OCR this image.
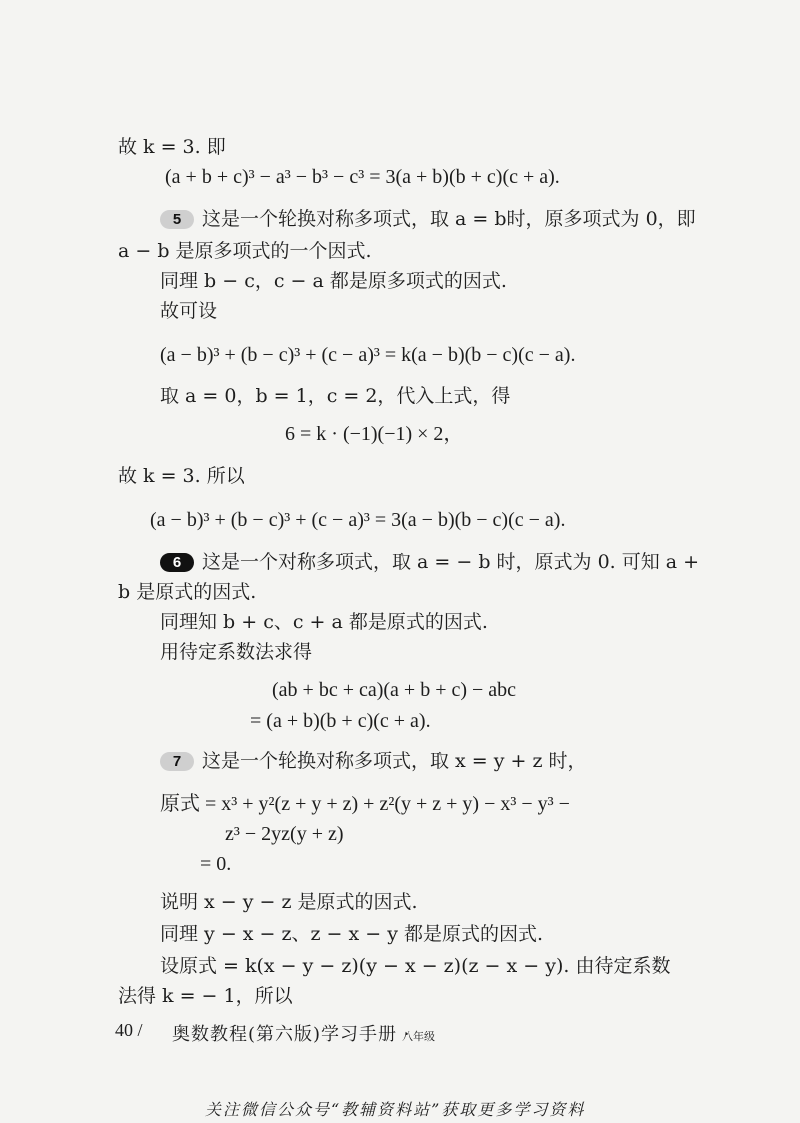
故 k = 3. 即
(a + b + c)³ − a³ − b³ − c³ = 3(a + b)(b + c)(c + a).
5 这是一个轮换对称多项式，取 a = b时，原多项式为 0，即
a − b 是原多项式的一个因式.
同理 b − c，c − a 都是原多项式的因式.
故可设
(a − b)³ + (b − c)³ + (c − a)³ = k(a − b)(b − c)(c − a).
取 a = 0，b = 1，c = 2，代入上式，得
6 = k · (−1)(−1) × 2，
故 k = 3. 所以
(a − b)³ + (b − c)³ + (c − a)³ = 3(a − b)(b − c)(c − a).
6 这是一个对称多项式，取 a = − b 时，原式为 0. 可知 a +
b 是原式的因式.
同理知 b + c、c + a 都是原式的因式.
用待定系数法求得
(ab + bc + ca)(a + b + c) − abc
= (a + b)(b + c)(c + a).
7 这是一个轮换对称多项式，取 x = y + z 时，
原式 = x³ + y²(z + y + z) + z²(y + z + y) − x³ − y³ −
z³ − 2yz(y + z)
= 0.
说明 x − y − z 是原式的因式.
同理 y − x − z、z − x − y 都是原式的因式.
设原式 = k(x − y − z)(y − x − z)(z − x − y). 由待定系数
法得 k = − 1，所以
40 / 奥数教程(第六版)学习手册 ·
八年级
关注微信公众号“教辅资料站”获取更多学习资料
